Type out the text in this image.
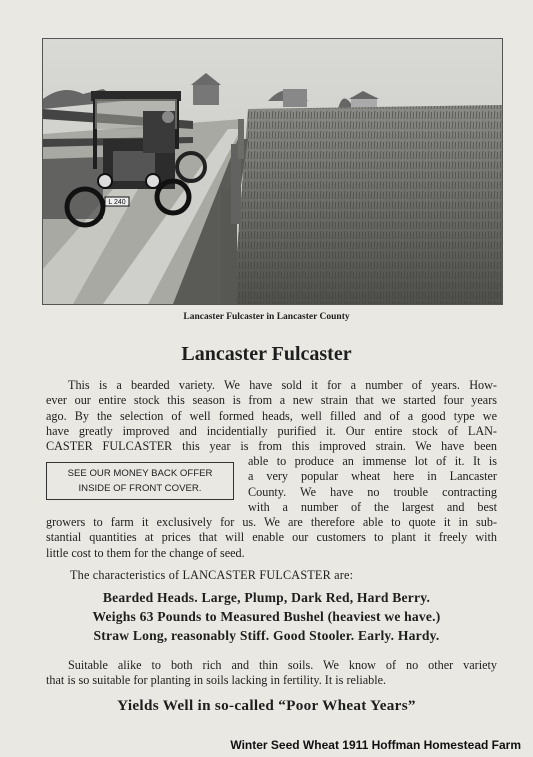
L 240
Lancaster Fulcaster in Lancaster County
Lancaster Fulcaster
This is a bearded variety. We have sold it for a number of years. How-
ever our entire stock this season is from a new strain that we started four years
ago. By the selection of well formed heads, well filled and of a good type we
have greatly improved and incidentially purified it. Our entire stock of LAN-
CASTER FULCASTER this year is from this improved strain. We have been
SEE OUR MONEY BACK OFFER
INSIDE OF FRONT COVER.
able to produce an immense lot of it. It is
a very popular wheat here in Lancaster
County. We have no trouble contracting
with a number of the largest and best
growers to farm it exclusively for us. We are therefore able to quote it in sub-
stantial quantities at prices that will enable our customers to plant it freely with
little cost to them for the change of seed.
The characteristics of LANCASTER FULCASTER are:
Bearded Heads. Large, Plump, Dark Red, Hard Berry.
Weighs 63 Pounds to Measured Bushel (heaviest we have.)
Straw Long, reasonably Stiff. Good Stooler. Early. Hardy.
Suitable alike to both rich and thin soils. We know of no other variety
that is so suitable for planting in soils lacking in fertility. It is reliable.
Yields Well in so-called “Poor Wheat Years”
Winter Seed Wheat 1911 Hoffman Homestead Farm
